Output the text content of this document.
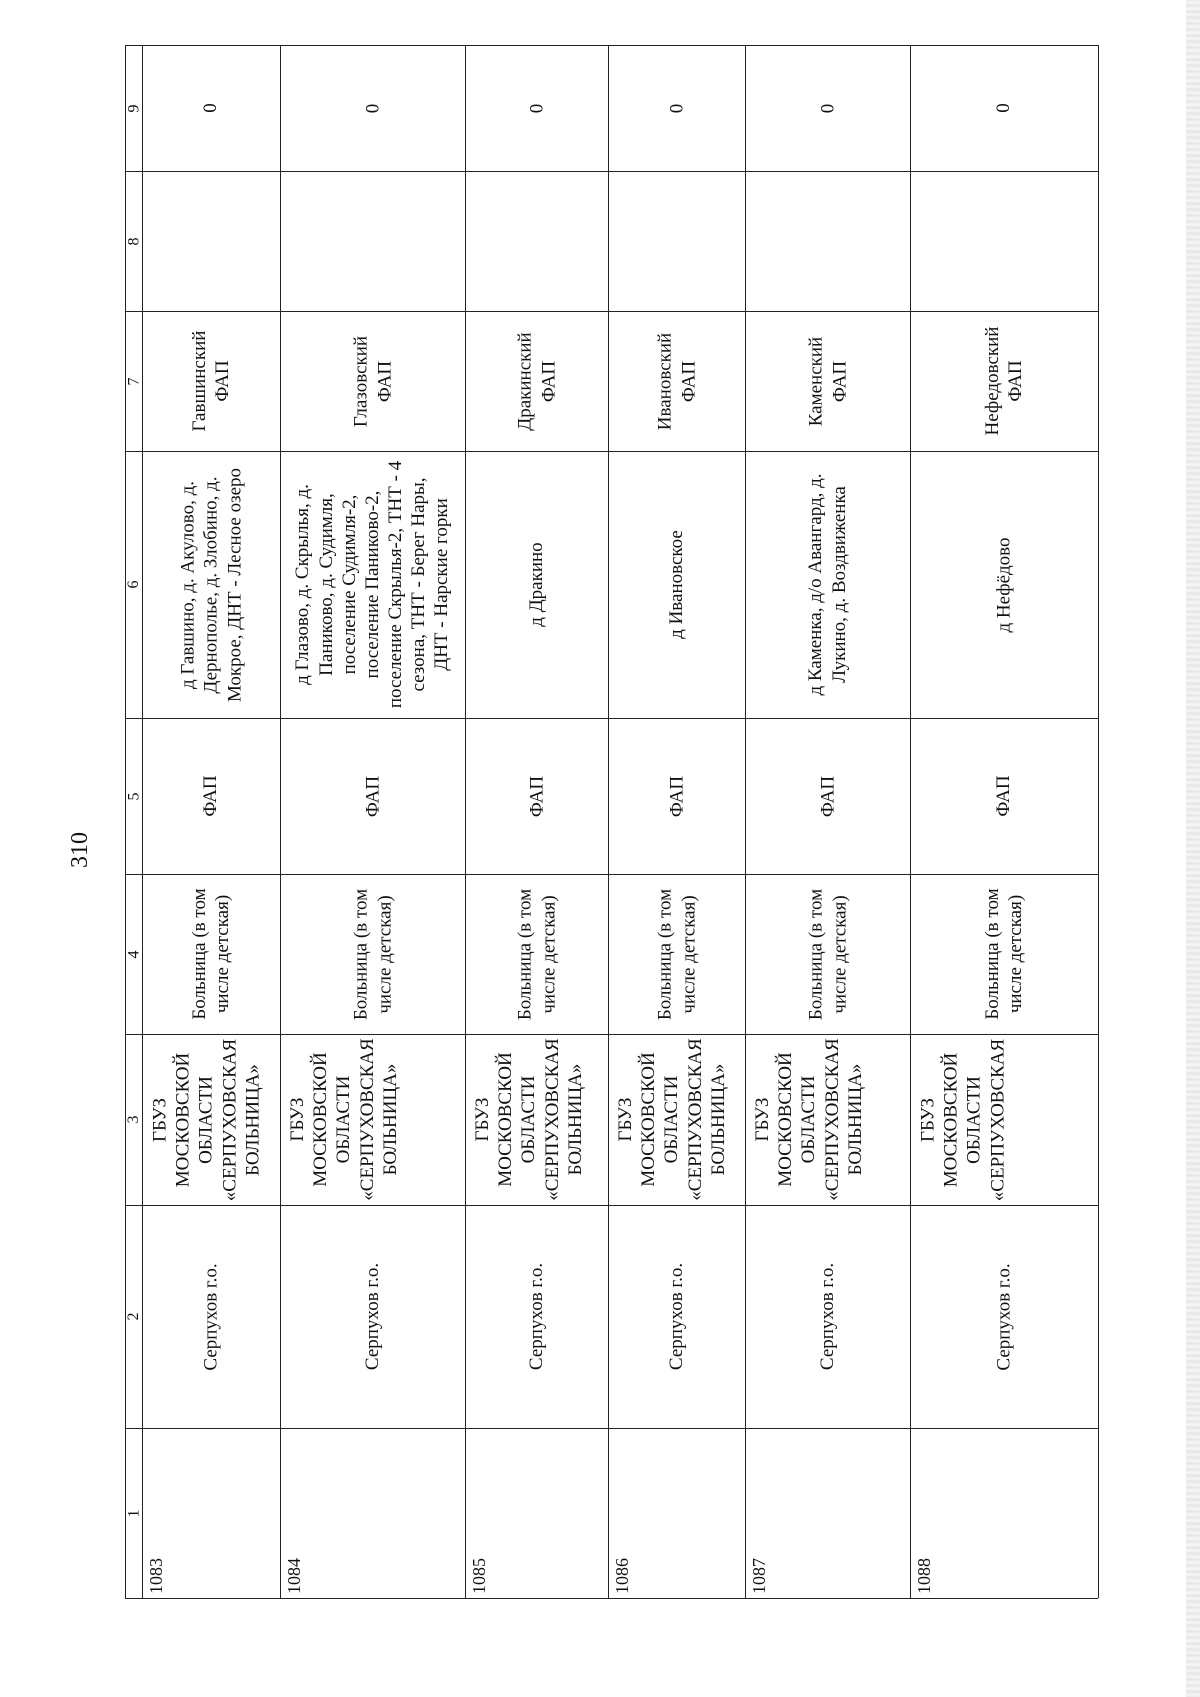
310
9
8
7
6
5
4
3
2
1
0
Гавшинский ФАП
д Гавшино, д. Акулово, д. Дернополье, д. Злобино, д. Мокрое, ДНТ - Лесное озеро
ФАП
Больница (в том числе детская)
ГБУЗ МОСКОВСКОЙ ОБЛАСТИ «СЕРПУХОВСКАЯ БОЛЬНИЦА»
Серпухов г.о.
1083
0
Глазовский ФАП
д Глазово, д. Скрылья, д. Паниково, д. Судимля, поселение Судимля-2, поселение Паниково-2, поселение Скрылья-2, ТНТ - 4 сезона, ТНТ - Берег Нары, ДНТ - Нарские горки
ФАП
Больница (в том числе детская)
ГБУЗ МОСКОВСКОЙ ОБЛАСТИ «СЕРПУХОВСКАЯ БОЛЬНИЦА»
Серпухов г.о.
1084
0
Дракинский ФАП
д Дракино
ФАП
Больница (в том числе детская)
ГБУЗ МОСКОВСКОЙ ОБЛАСТИ «СЕРПУХОВСКАЯ БОЛЬНИЦА»
Серпухов г.о.
1085
0
Ивановский ФАП
д Ивановское
ФАП
Больница (в том числе детская)
ГБУЗ МОСКОВСКОЙ ОБЛАСТИ «СЕРПУХОВСКАЯ БОЛЬНИЦА»
Серпухов г.о.
1086
0
Каменский ФАП
д Каменка, д/о Авангард, д. Лукино, д. Воздвиженка
ФАП
Больница (в том числе детская)
ГБУЗ МОСКОВСКОЙ ОБЛАСТИ «СЕРПУХОВСКАЯ БОЛЬНИЦА»
Серпухов г.о.
1087
0
Нефедовский ФАП
д Нефёдово
ФАП
Больница (в том числе детская)
ГБУЗ МОСКОВСКОЙ ОБЛАСТИ «СЕРПУХОВСКАЯ
Серпухов г.о.
1088
